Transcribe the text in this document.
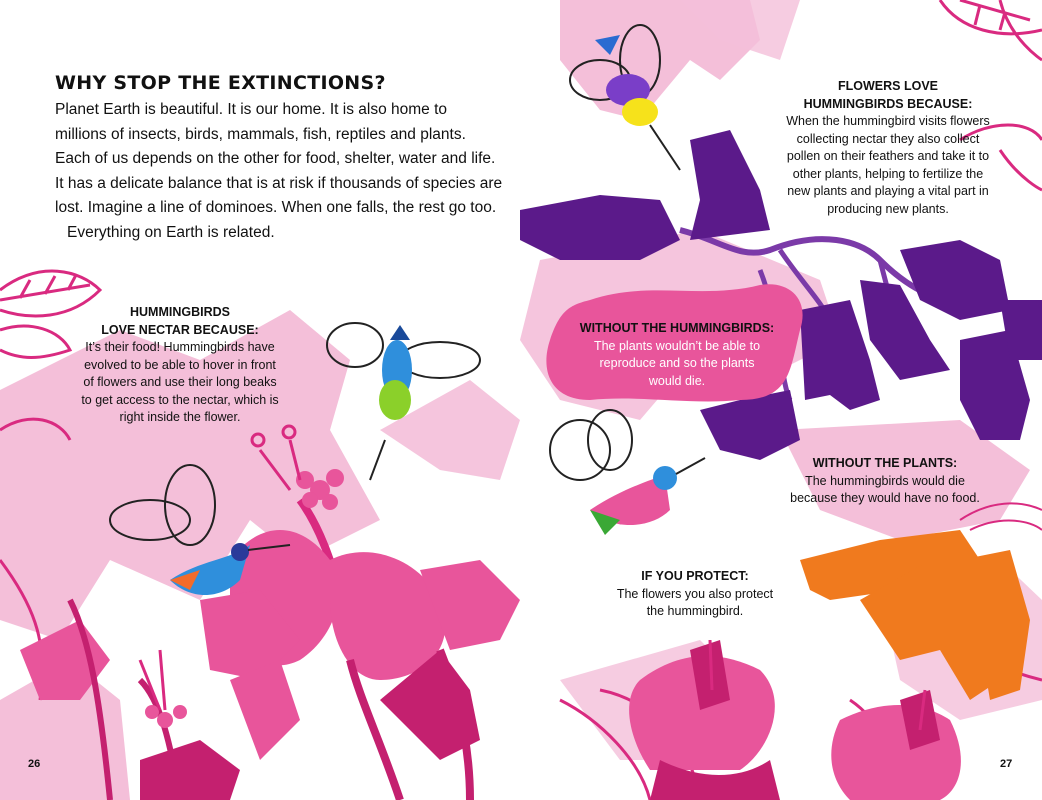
WHY STOP THE EXTINCTIONS?
Planet Earth is beautiful. It is our home. It is also home to
millions of insects, birds, mammals, fish, reptiles and plants.
Each of us depends on the other for food, shelter, water and life.
It has a delicate balance that is at risk if thousands of species are
lost. Imagine a line of dominoes. When one falls, the rest go too.
Everything on Earth is related.
HUMMINGBIRDS
LOVE NECTAR BECAUSE:
It’s their food! Hummingbirds have
evolved to be able to hover in front
of flowers and use their long beaks
to get access to the nectar, which is
right inside the flower.
FLOWERS LOVE
HUMMINGBIRDS BECAUSE:
When the hummingbird visits flowers
collecting nectar they also collect
pollen on their feathers and take it to
other plants, helping to fertilize the
new plants and playing a vital part in
producing new plants.
WITHOUT THE HUMMINGBIRDS:
The plants wouldn’t be able to
reproduce and so the plants
would die.
WITHOUT THE PLANTS:
The hummingbirds would die
because they would have no food.
IF YOU PROTECT:
The flowers you also protect
the hummingbird.
26	27
